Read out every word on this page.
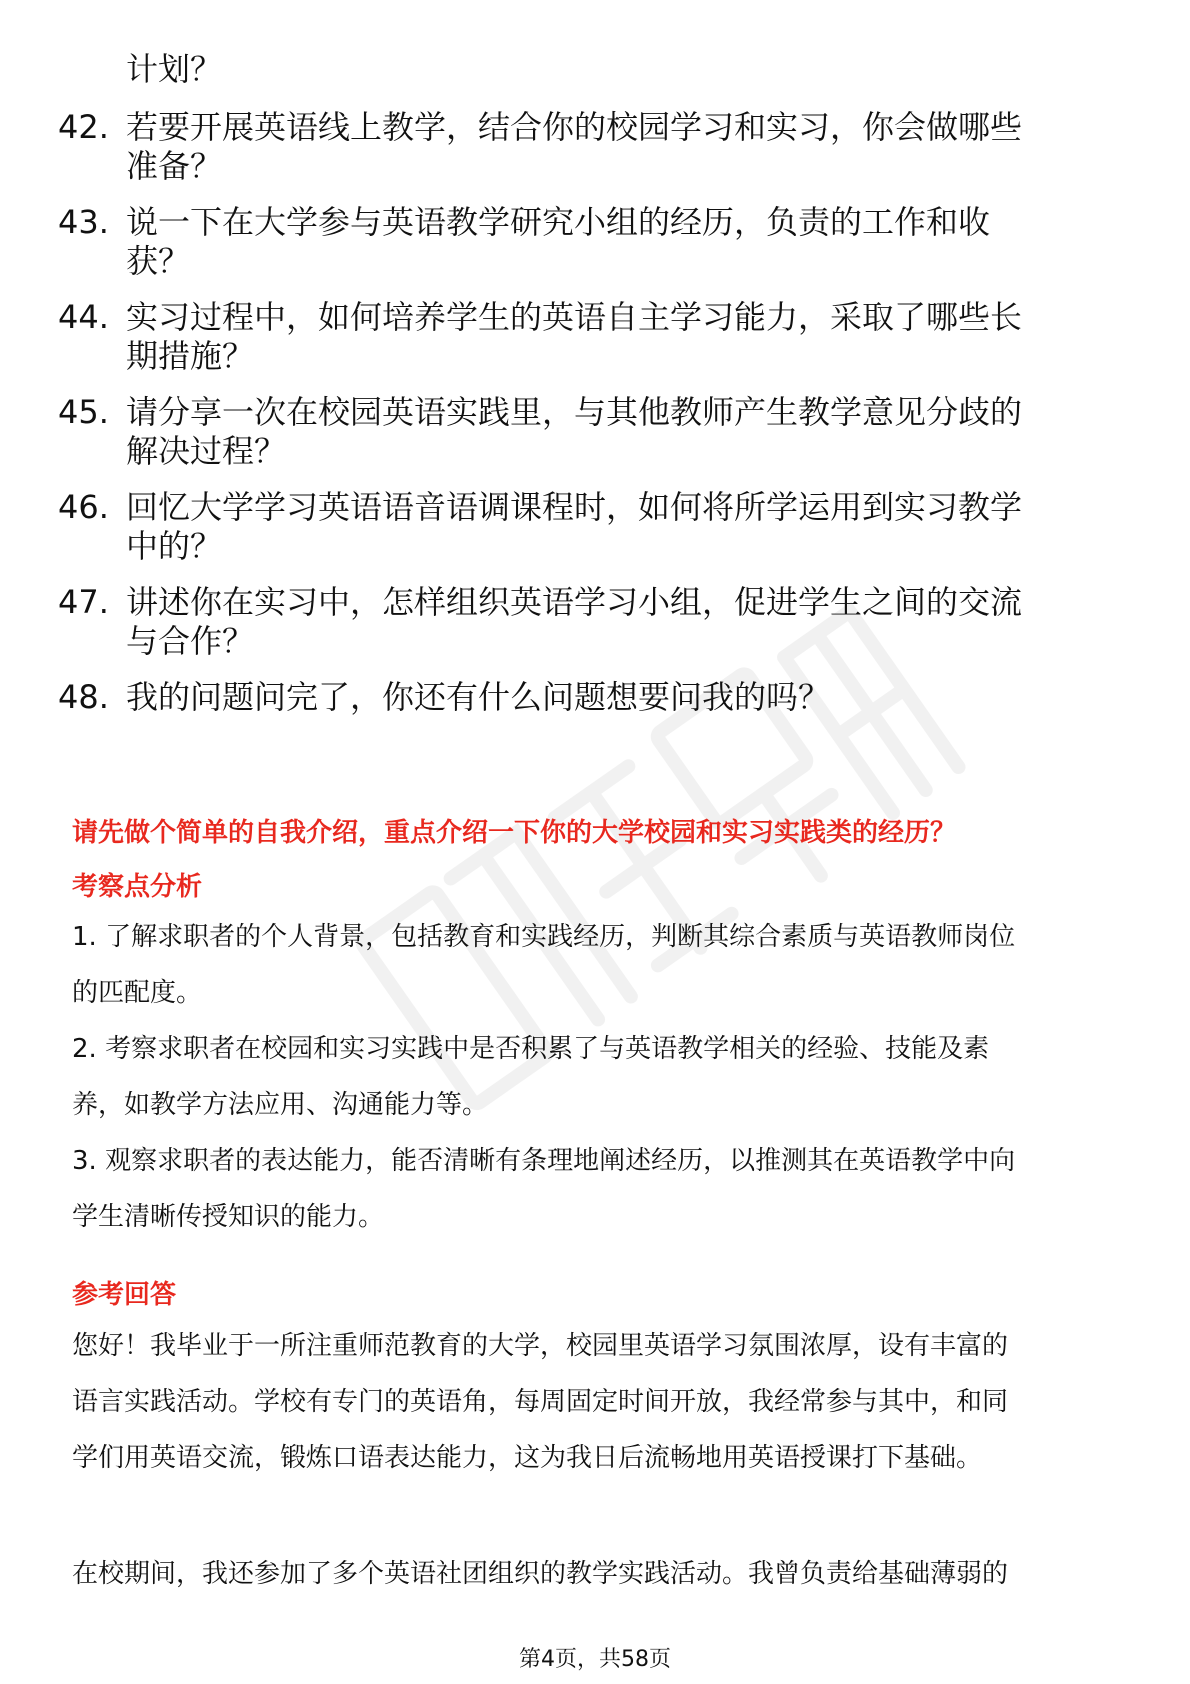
计划？
42. 若要开展英语线上教学，结合你的校园学习和实习，你会做哪些
准备？
43. 说一下在大学参与英语教学研究小组的经历，负责的工作和收
获？
44. 实习过程中，如何培养学生的英语自主学习能力，采取了哪些长
期措施？
45. 请分享一次在校园英语实践里，与其他教师产生教学意见分歧的
解决过程？
46. 回忆大学学习英语语音语调课程时，如何将所学运用到实习教学
中的？
47. 讲述你在实习中，怎样组织英语学习小组，促进学生之间的交流
与合作？
48. 我的问题问完了，你还有什么问题想要问我的吗？
请先做个简单的自我介绍，重点介绍一下你的大学校园和实习实践类的经历？
考察点分析
1. 了解求职者的个人背景，包括教育和实践经历，判断其综合素质与英语教师岗位
的匹配度。
2. 考察求职者在校园和实习实践中是否积累了与英语教学相关的经验、技能及素
养，如教学方法应用、沟通能力等。
3. 观察求职者的表达能力，能否清晰有条理地阐述经历，以推测其在英语教学中向
学生清晰传授知识的能力。
参考回答
您好！我毕业于一所注重师范教育的大学，校园里英语学习氛围浓厚，设有丰富的
语言实践活动。学校有专门的英语角，每周固定时间开放，我经常参与其中，和同
学们用英语交流，锻炼口语表达能力，这为我日后流畅地用英语授课打下基础。
在校期间，我还参加了多个英语社团组织的教学实践活动。我曾负责给基础薄弱的
第4页，共58页
